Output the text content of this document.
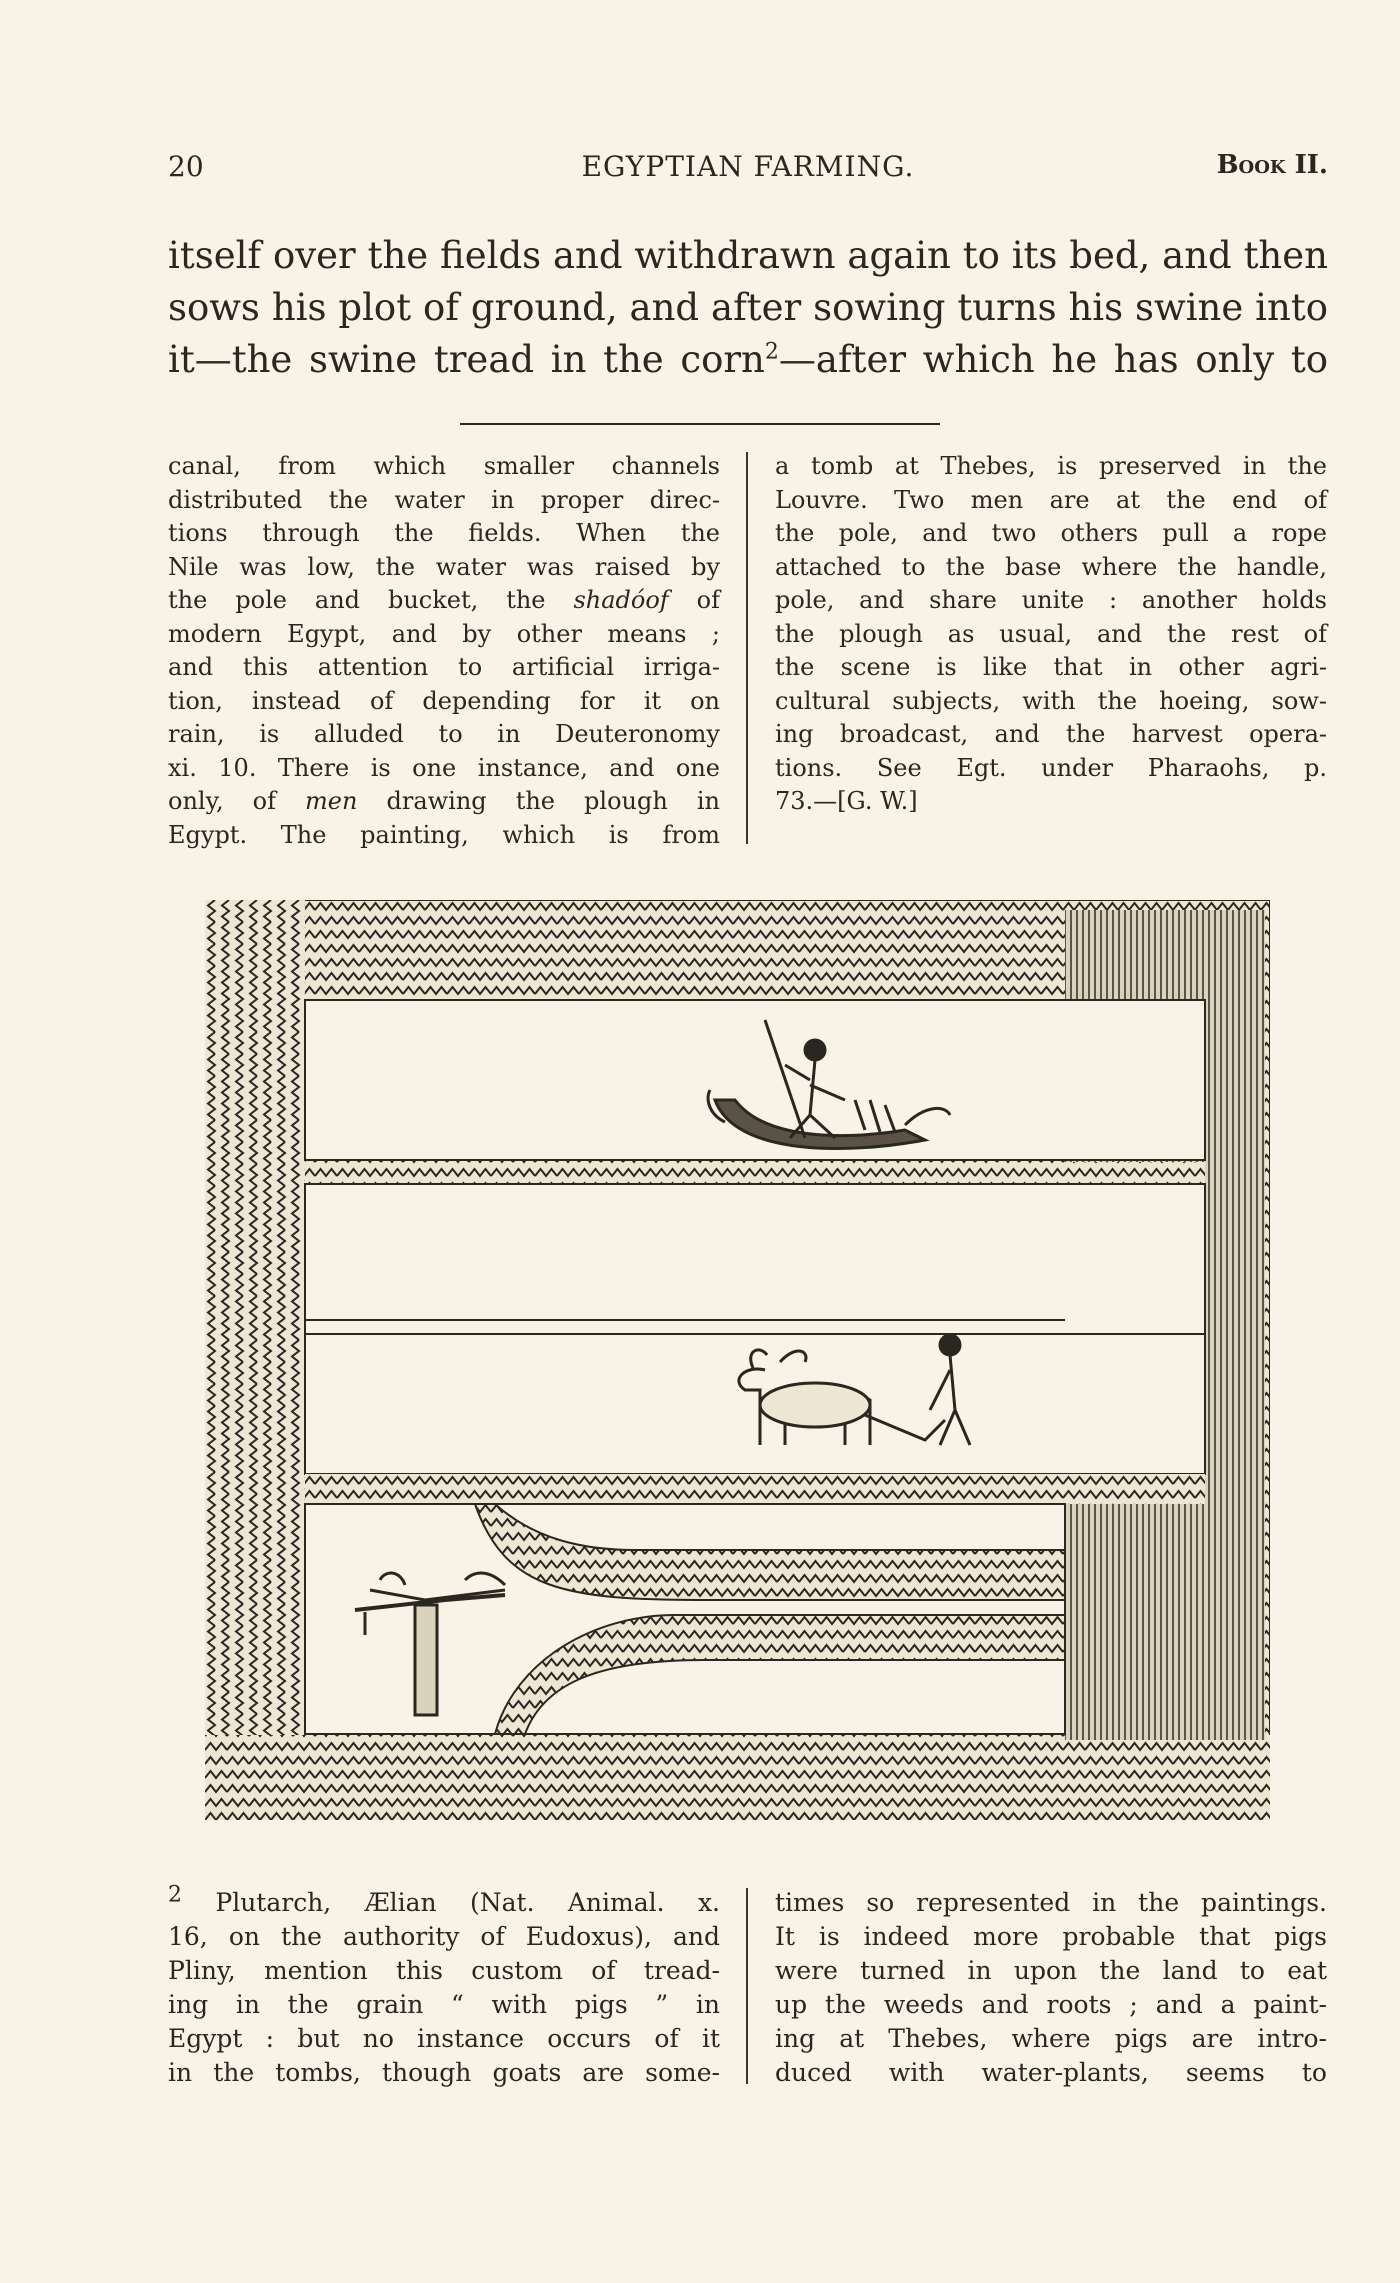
20	EGYPTIAN FARMING.	Book II.
itself over the fields and withdrawn again to its bed, and then
sows his plot of ground, and after sowing turns his swine into
it—the swine tread in the corn$^2$—after which he has only to
canal, from which smaller channels
distributed the water in proper direc-
tions through the fields. When the
Nile was low, the water was raised by
the pole and bucket, the shadóof of
modern Egypt, and by other means ;
and this attention to artificial irriga-
tion, instead of depending for it on
rain, is alluded to in Deuteronomy
xi. 10. There is one instance, and one
only, of men drawing the plough in
Egypt. The painting, which is from
a tomb at Thebes, is preserved in the
Louvre. Two men are at the end of
the pole, and two others pull a rope
attached to the base where the handle,
pole, and share unite : another holds
the plough as usual, and the rest of
the scene is like that in other agri-
cultural subjects, with the hoeing, sow-
ing broadcast, and the harvest opera-
tions. See Egt. under Pharaohs, p.
73.—[G. W.]
$^2$ Plutarch, Ælian (Nat. Animal. x.
16, on the authority of Eudoxus), and
Pliny, mention this custom of tread-
ing in the grain “ with pigs ” in
Egypt : but no instance occurs of it
in the tombs, though goats are some-
times so represented in the paintings.
It is indeed more probable that pigs
were turned in upon the land to eat
up the weeds and roots ; and a paint-
ing at Thebes, where pigs are intro-
duced with water-plants, seems to
